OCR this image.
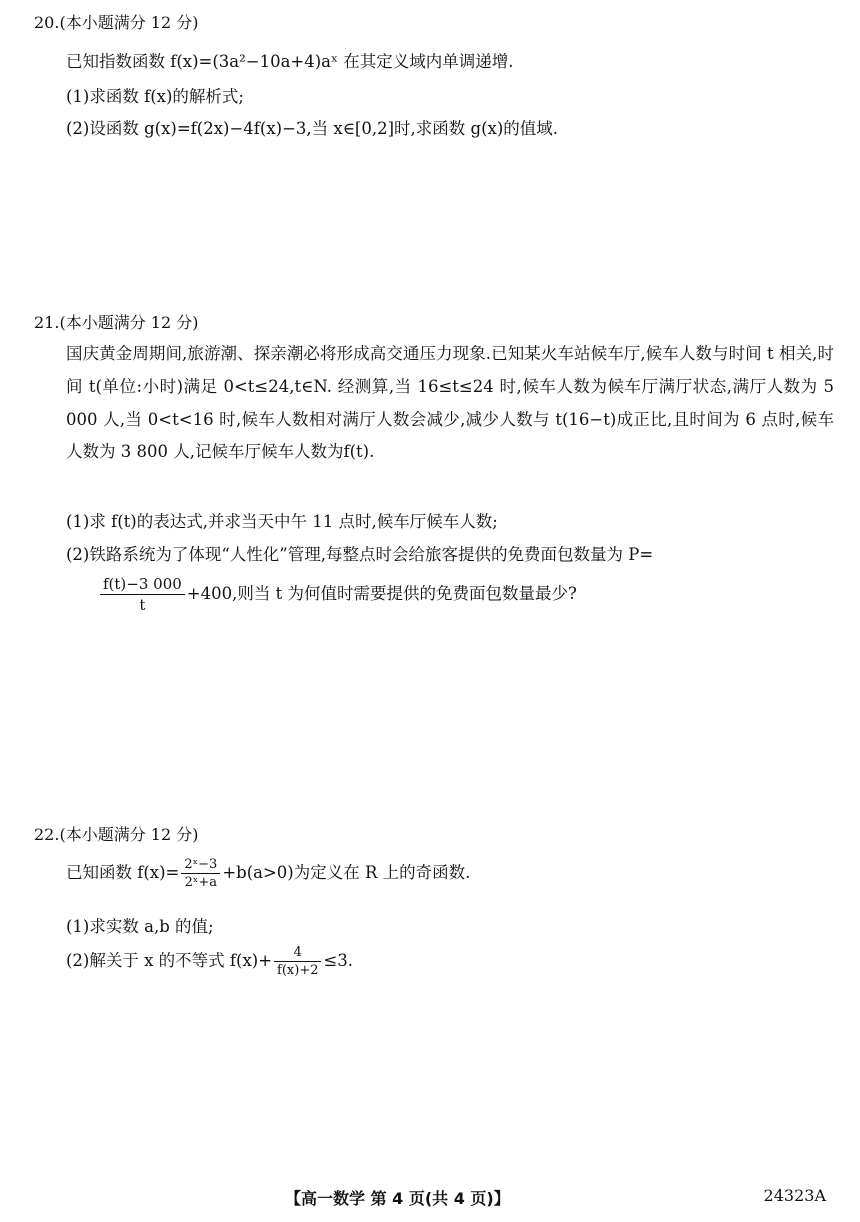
20.(本小题满分 12 分)
已知指数函数 f(x)=(3a²−10a+4)aˣ 在其定义域内单调递增.
(1)求函数 f(x)的解析式;
(2)设函数 g(x)=f(2x)−4f(x)−3,当 x∈[0,2]时,求函数 g(x)的值域.
21.(本小题满分 12 分)
国庆黄金周期间,旅游潮、探亲潮必将形成高交通压力现象.已知某火车站候车厅,候车人数与时间 t 相关,时间 t(单位:小时)满足 0<t≤24,t∈N. 经测算,当 16≤t≤24 时,候车人数为候车厅满厅状态,满厅人数为 5 000 人,当 0<t<16 时,候车人数相对满厅人数会减少,减少人数与 t(16−t)成正比,且时间为 6 点时,候车人数为 3 800 人,记候车厅候车人数为f(t).
(1)求 f(t)的表达式,并求当天中午 11 点时,候车厅候车人数;
(2)铁路系统为了体现“人性化”管理,每整点时会给旅客提供的免费面包数量为 P=
$\frac{f(t)-3 000}{t} +400$,则当 t 为何值时需要提供的免费面包数量最少?
22.(本小题满分 12 分)
已知函数 $f(x)= \frac{\text{2ˣ−3}}{\text{2ˣ+a}} +b(a>0)$为定义在 R 上的奇函数.
(1)求实数 a,b 的值;
(2)解关于 x 的不等式 $f(x)+ \frac{4}{f(x)+2} \le 3$.
【高一数学 第 4 页(共 4 页)】	24323A
